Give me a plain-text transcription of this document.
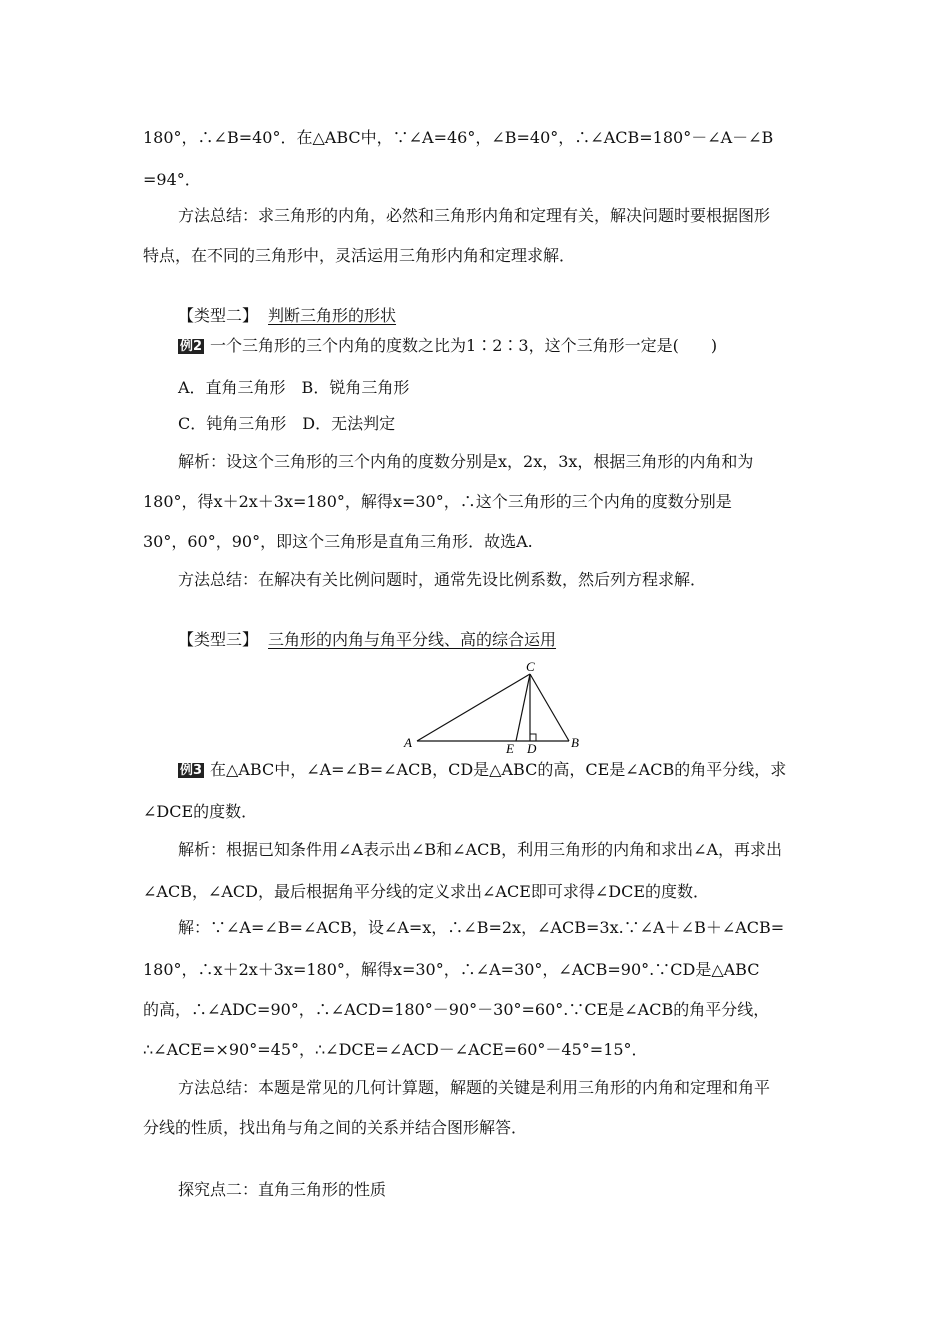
180°，∴∠B=40°．在△ABC中，∵∠A=46°，∠B=40°，∴∠ACB=180°－∠A－∠B
=94°．
方法总结：求三角形的内角，必然和三角形内角和定理有关，解决问题时要根据图形
特点，在不同的三角形中，灵活运用三角形内角和定理求解．
【类型二】 判断三角形的形状
例2 一个三角形的三个内角的度数之比为1∶2∶3，这个三角形一定是(　　)
A．直角三角形　B．锐角三角形
C．钝角三角形　D．无法判定
解析：设这个三角形的三个内角的度数分别是x，2x，3x，根据三角形的内角和为
180°，得x＋2x＋3x=180°，解得x=30°，∴这个三角形的三个内角的度数分别是
30°，60°，90°，即这个三角形是直角三角形．故选A.
方法总结：在解决有关比例问题时，通常先设比例系数，然后列方程求解．
【类型三】 三角形的内角与角平分线、高的综合运用
C
A	B
E D
例3 在△ABC中，∠A=∠B=∠ACB，CD是△ABC的高，CE是∠ACB的角平分线，求
∠DCE的度数．
解析：根据已知条件用∠A表示出∠B和∠ACB，利用三角形的内角和求出∠A，再求出
∠ACB，∠ACD，最后根据角平分线的定义求出∠ACE即可求得∠DCE的度数．
解：∵∠A=∠B=∠ACB，设∠A=x，∴∠B=2x，∠ACB=3x.∵∠A＋∠B＋∠ACB=
180°，∴x＋2x＋3x=180°，解得x=30°，∴∠A=30°，∠ACB=90°.∵CD是△ABC
的高，∴∠ADC=90°，∴∠ACD=180°－90°－30°=60°.∵CE是∠ACB的角平分线，
∴∠ACE=×90°=45°，∴∠DCE=∠ACD－∠ACE=60°－45°=15°．
方法总结：本题是常见的几何计算题，解题的关键是利用三角形的内角和定理和角平
分线的性质，找出角与角之间的关系并结合图形解答．
探究点二：直角三角形的性质
